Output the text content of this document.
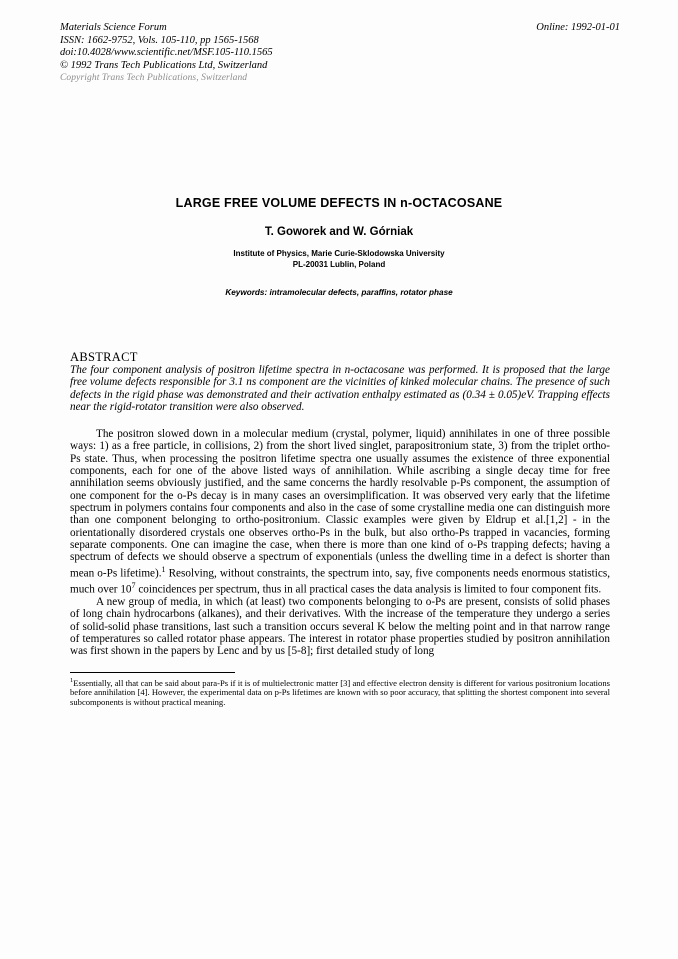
Materials Science Forum
ISSN: 1662-9752, Vols. 105-110, pp 1565-1568
doi:10.4028/www.scientific.net/MSF.105-110.1565
© 1992 Trans Tech Publications Ltd, Switzerland
Copyright Trans Tech Publications, Switzerland
Online: 1992-01-01
LARGE FREE VOLUME DEFECTS IN n-OCTACOSANE
T. Goworek and W. Górniak
Institute of Physics, Marie Curie-Sklodowska University
PL-20031 Lublin, Poland
Keywords: intramolecular defects, paraffins, rotator phase
ABSTRACT
The four component analysis of positron lifetime spectra in n-octacosane was performed. It is proposed that the large free volume defects responsible for 3.1 ns component are the vicinities of kinked molecular chains. The presence of such defects in the rigid phase was demonstrated and their activation enthalpy estimated as (0.34 ± 0.05)eV. Trapping effects near the rigid-rotator transition were also observed.

The positron slowed down in a molecular medium (crystal, polymer, liquid) annihilates in one of three possible ways: 1) as a free particle, in collisions, 2) from the short lived singlet, parapositronium state, 3) from the triplet ortho-Ps state. Thus, when processing the positron lifetime spectra one usually assumes the existence of three exponential components, each for one of the above listed ways of annihilation. While ascribing a single decay time for free annihilation seems obviously justified, and the same concerns the hardly resolvable p-Ps component, the assumption of one component for the o-Ps decay is in many cases an oversimplification. It was observed very early that the lifetime spectrum in polymers contains four components and also in the case of some crystalline media one can distinguish more than one component belonging to ortho-positronium. Classic examples were given by Eldrup et al.[1,2] - in the orientationally disordered crystals one observes ortho-Ps in the bulk, but also ortho-Ps trapped in vacancies, forming separate components. One can imagine the case, when there is more than one kind of o-Ps trapping defects; having a spectrum of defects we should observe a spectrum of exponentials (unless the dwelling time in a defect is shorter than mean o-Ps lifetime).$^1$ Resolving, without constraints, the spectrum into, say, five components needs enormous statistics, much over $10^7$ coincidences per spectrum, thus in all practical cases the data analysis is limited to four component fits.

A new group of media, in which (at least) two components belonging to o-Ps are present, consists of solid phases of long chain hydrocarbons (alkanes), and their derivatives. With the increase of the temperature they undergo a series of solid-solid phase transitions, last such a transition occurs several K below the melting point and in that narrow range of temperatures so called rotator phase appears. The interest in rotator phase properties studied by positron annihilation was first shown in the papers by Lenc and by us [5-8]; first detailed study of long

$^1$Essentially, all that can be said about para-Ps if it is of multielectronic matter [3] and effective electron density is different for various positronium locations before annihilation [4]. However, the experimental data on p-Ps lifetimes are known with so poor accuracy, that splitting the shortest component into several subcomponents is without practical meaning.
